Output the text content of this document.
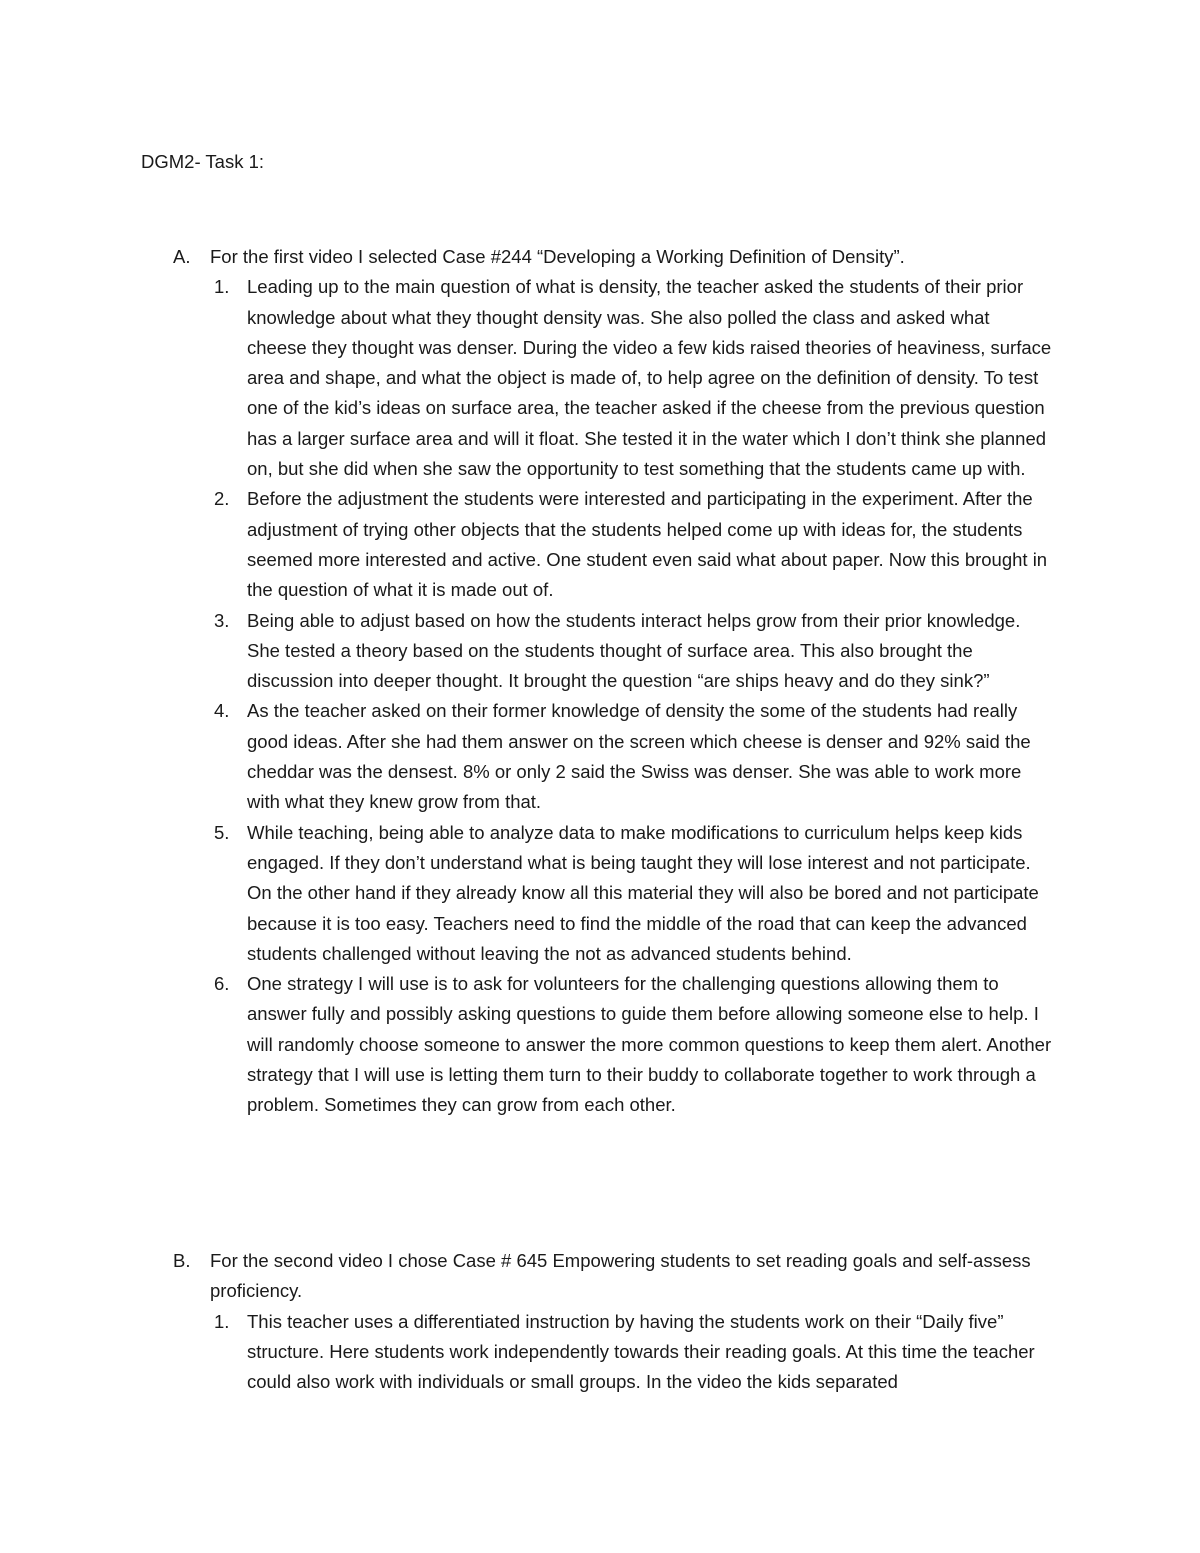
DGM2- Task 1:
A.	For the first video I selected Case #244 “Developing a Working Definition of Density”.
1. Leading up to the main question of what is density, the teacher asked the students of their prior knowledge about what they thought density was. She also polled the class and asked what cheese they thought was denser. During the video a few kids raised theories of heaviness, surface area and shape, and what the object is made of, to help agree on the definition of density. To test one of the kid’s ideas on surface area, the teacher asked if the cheese from the previous question has a larger surface area and will it float. She tested it in the water which I don’t think she planned on, but she did when she saw the opportunity to test something that the students came up with.
2. Before the adjustment the students were interested and participating in the experiment. After the adjustment of trying other objects that the students helped come up with ideas for, the students seemed more interested and active. One student even said what about paper. Now this brought in the question of what it is made out of.
3. Being able to adjust based on how the students interact helps grow from their prior knowledge. She tested a theory based on the students thought of surface area. This also brought the discussion into deeper thought. It brought the question “are ships heavy and do they sink?”
4. As the teacher asked on their former knowledge of density the some of the students had really good ideas. After she had them answer on the screen which cheese is denser and 92% said the cheddar was the densest. 8% or only 2 said the Swiss was denser. She was able to work more with what they knew grow from that.
5. While teaching, being able to analyze data to make modifications to curriculum helps keep kids engaged. If they don’t understand what is being taught they will lose interest and not participate. On the other hand if they already know all this material they will also be bored and not participate because it is too easy. Teachers need to find the middle of the road that can keep the advanced students challenged without leaving the not as advanced students behind.
6. One strategy I will use is to ask for volunteers for the challenging questions allowing them to answer fully and possibly asking questions to guide them before allowing someone else to help. I will randomly choose someone to answer the more common questions to keep them alert. Another strategy that I will use is letting them turn to their buddy to collaborate together to work through a problem. Sometimes they can grow from each other.
B.	For the second video I chose Case # 645 Empowering students to set reading goals and self-assess proficiency.
1. This teacher uses a differentiated instruction by having the students work on their “Daily five” structure. Here students work independently towards their reading goals. At this time the teacher could also work with individuals or small groups. In the video the kids separated
